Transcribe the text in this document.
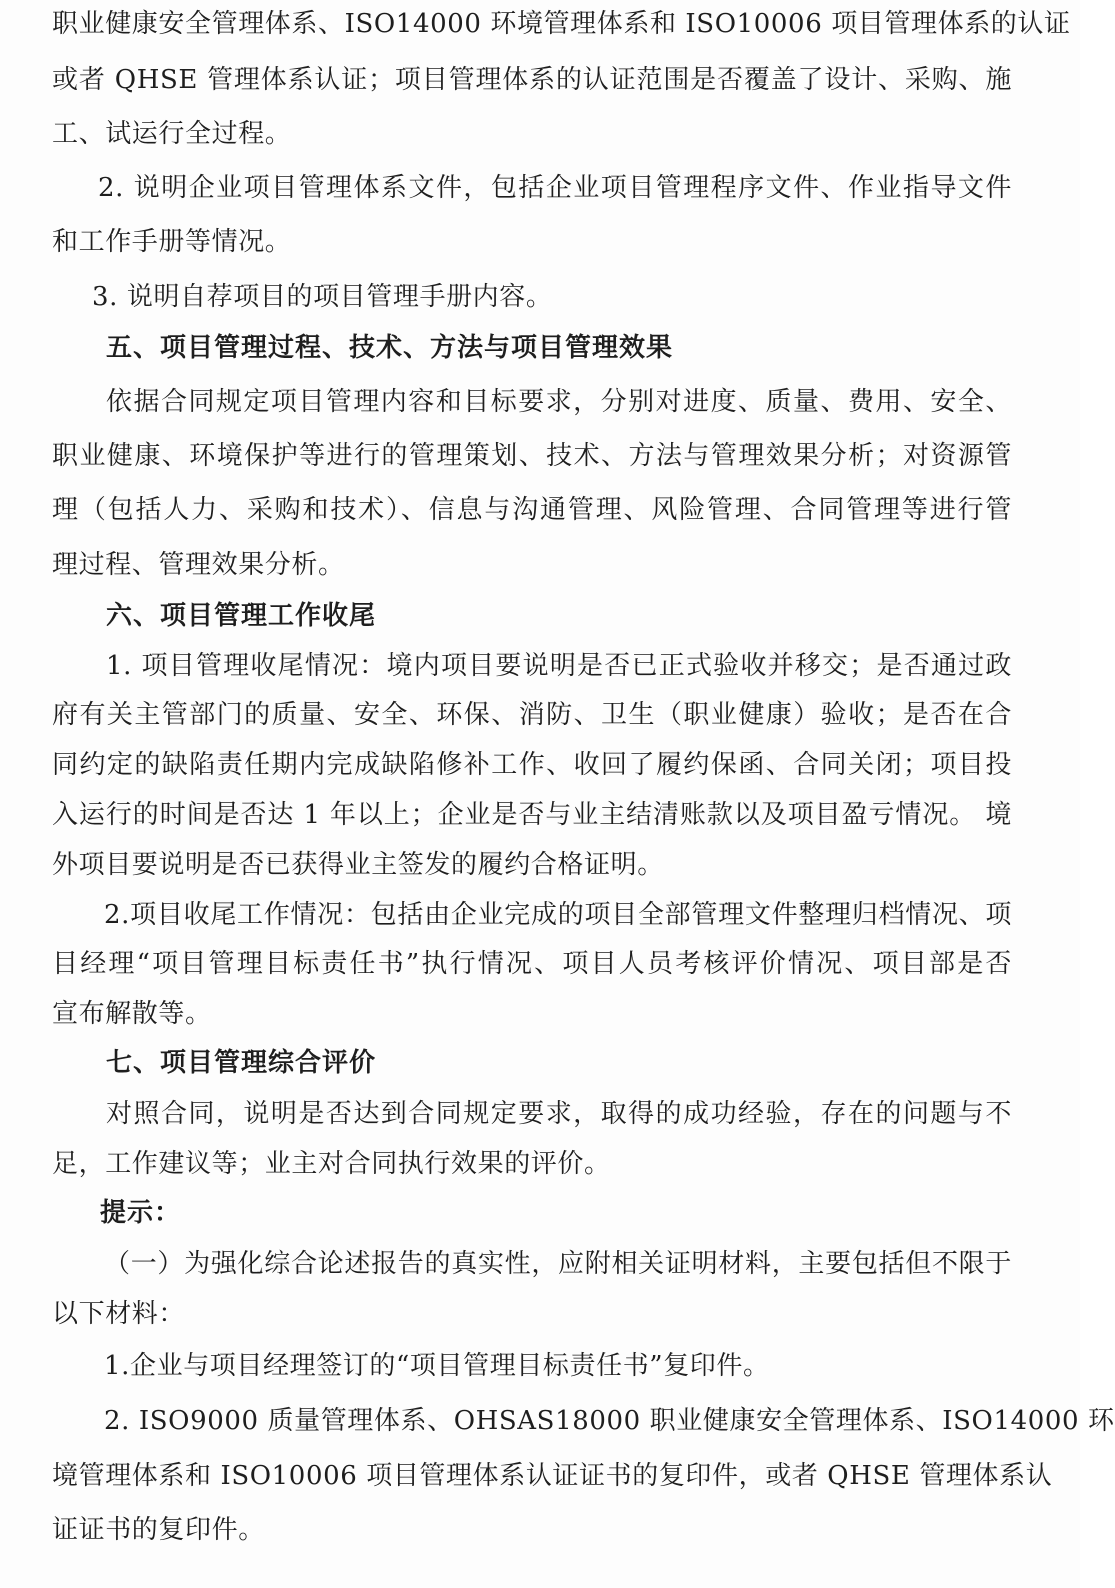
职业健康安全管理体系、ISO14000 环境管理体系和 ISO10006 项目管理体系的认证
或者 QHSE 管理体系认证；项目管理体系的认证范围是否覆盖了设计、采购、施
工、试运行全过程。
2. 说明企业项目管理体系文件，包括企业项目管理程序文件、作业指导文件
和工作手册等情况。
3. 说明自荐项目的项目管理手册内容。
五、项目管理过程、技术、方法与项目管理效果
依据合同规定项目管理内容和目标要求，分别对进度、质量、费用、安全、
职业健康、环境保护等进行的管理策划、技术、方法与管理效果分析；对资源管
理（包括人力、采购和技术）、信息与沟通管理、风险管理、合同管理等进行管
理过程、管理效果分析。
六、项目管理工作收尾
1. 项目管理收尾情况：境内项目要说明是否已正式验收并移交；是否通过政
府有关主管部门的质量、安全、环保、消防、卫生（职业健康）验收；是否在合
同约定的缺陷责任期内完成缺陷修补工作、收回了履约保函、合同关闭；项目投
入运行的时间是否达 1 年以上；企业是否与业主结清账款以及项目盈亏情况。 境
外项目要说明是否已获得业主签发的履约合格证明。
2.项目收尾工作情况：包括由企业完成的项目全部管理文件整理归档情况、项
目经理“项目管理目标责任书”执行情况、项目人员考核评价情况、项目部是否
宣布解散等。
七、项目管理综合评价
对照合同，说明是否达到合同规定要求，取得的成功经验，存在的问题与不
足，工作建议等；业主对合同执行效果的评价。
提示：
（一）为强化综合论述报告的真实性，应附相关证明材料，主要包括但不限于
以下材料：
1.企业与项目经理签订的“项目管理目标责任书”复印件。
2. ISO9000 质量管理体系、OHSAS18000 职业健康安全管理体系、ISO14000 环
境管理体系和 ISO10006 项目管理体系认证证书的复印件，或者 QHSE 管理体系认
证证书的复印件。
